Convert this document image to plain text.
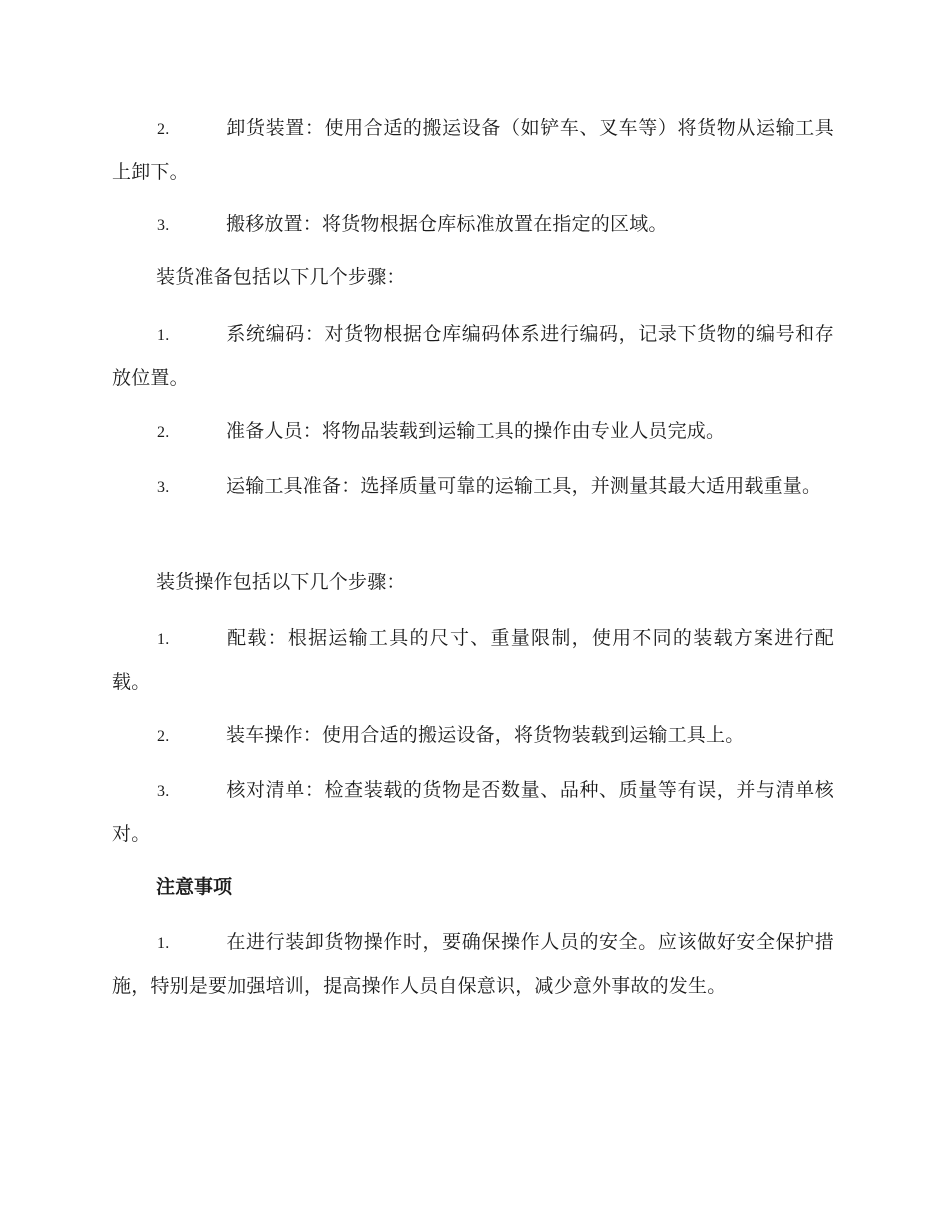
2.	卸货装置：使用合适的搬运设备（如铲车、叉车等）将货物从运输工具上卸下。
3.	搬移放置：将货物根据仓库标准放置在指定的区域。
装货准备包括以下几个步骤：
1.	系统编码：对货物根据仓库编码体系进行编码，记录下货物的编号和存放位置。
2.	准备人员：将物品装载到运输工具的操作由专业人员完成。
3.	运输工具准备：选择质量可靠的运输工具，并测量其最大适用载重量。
装货操作包括以下几个步骤：
1.	配载：根据运输工具的尺寸、重量限制，使用不同的装载方案进行配载。
2.	装车操作：使用合适的搬运设备，将货物装载到运输工具上。
3.	核对清单：检查装载的货物是否数量、品种、质量等有误，并与清单核对。
注意事项
1.	在进行装卸货物操作时，要确保操作人员的安全。应该做好安全保护措施，特别是要加强培训，提高操作人员自保意识，减少意外事故的发生。
